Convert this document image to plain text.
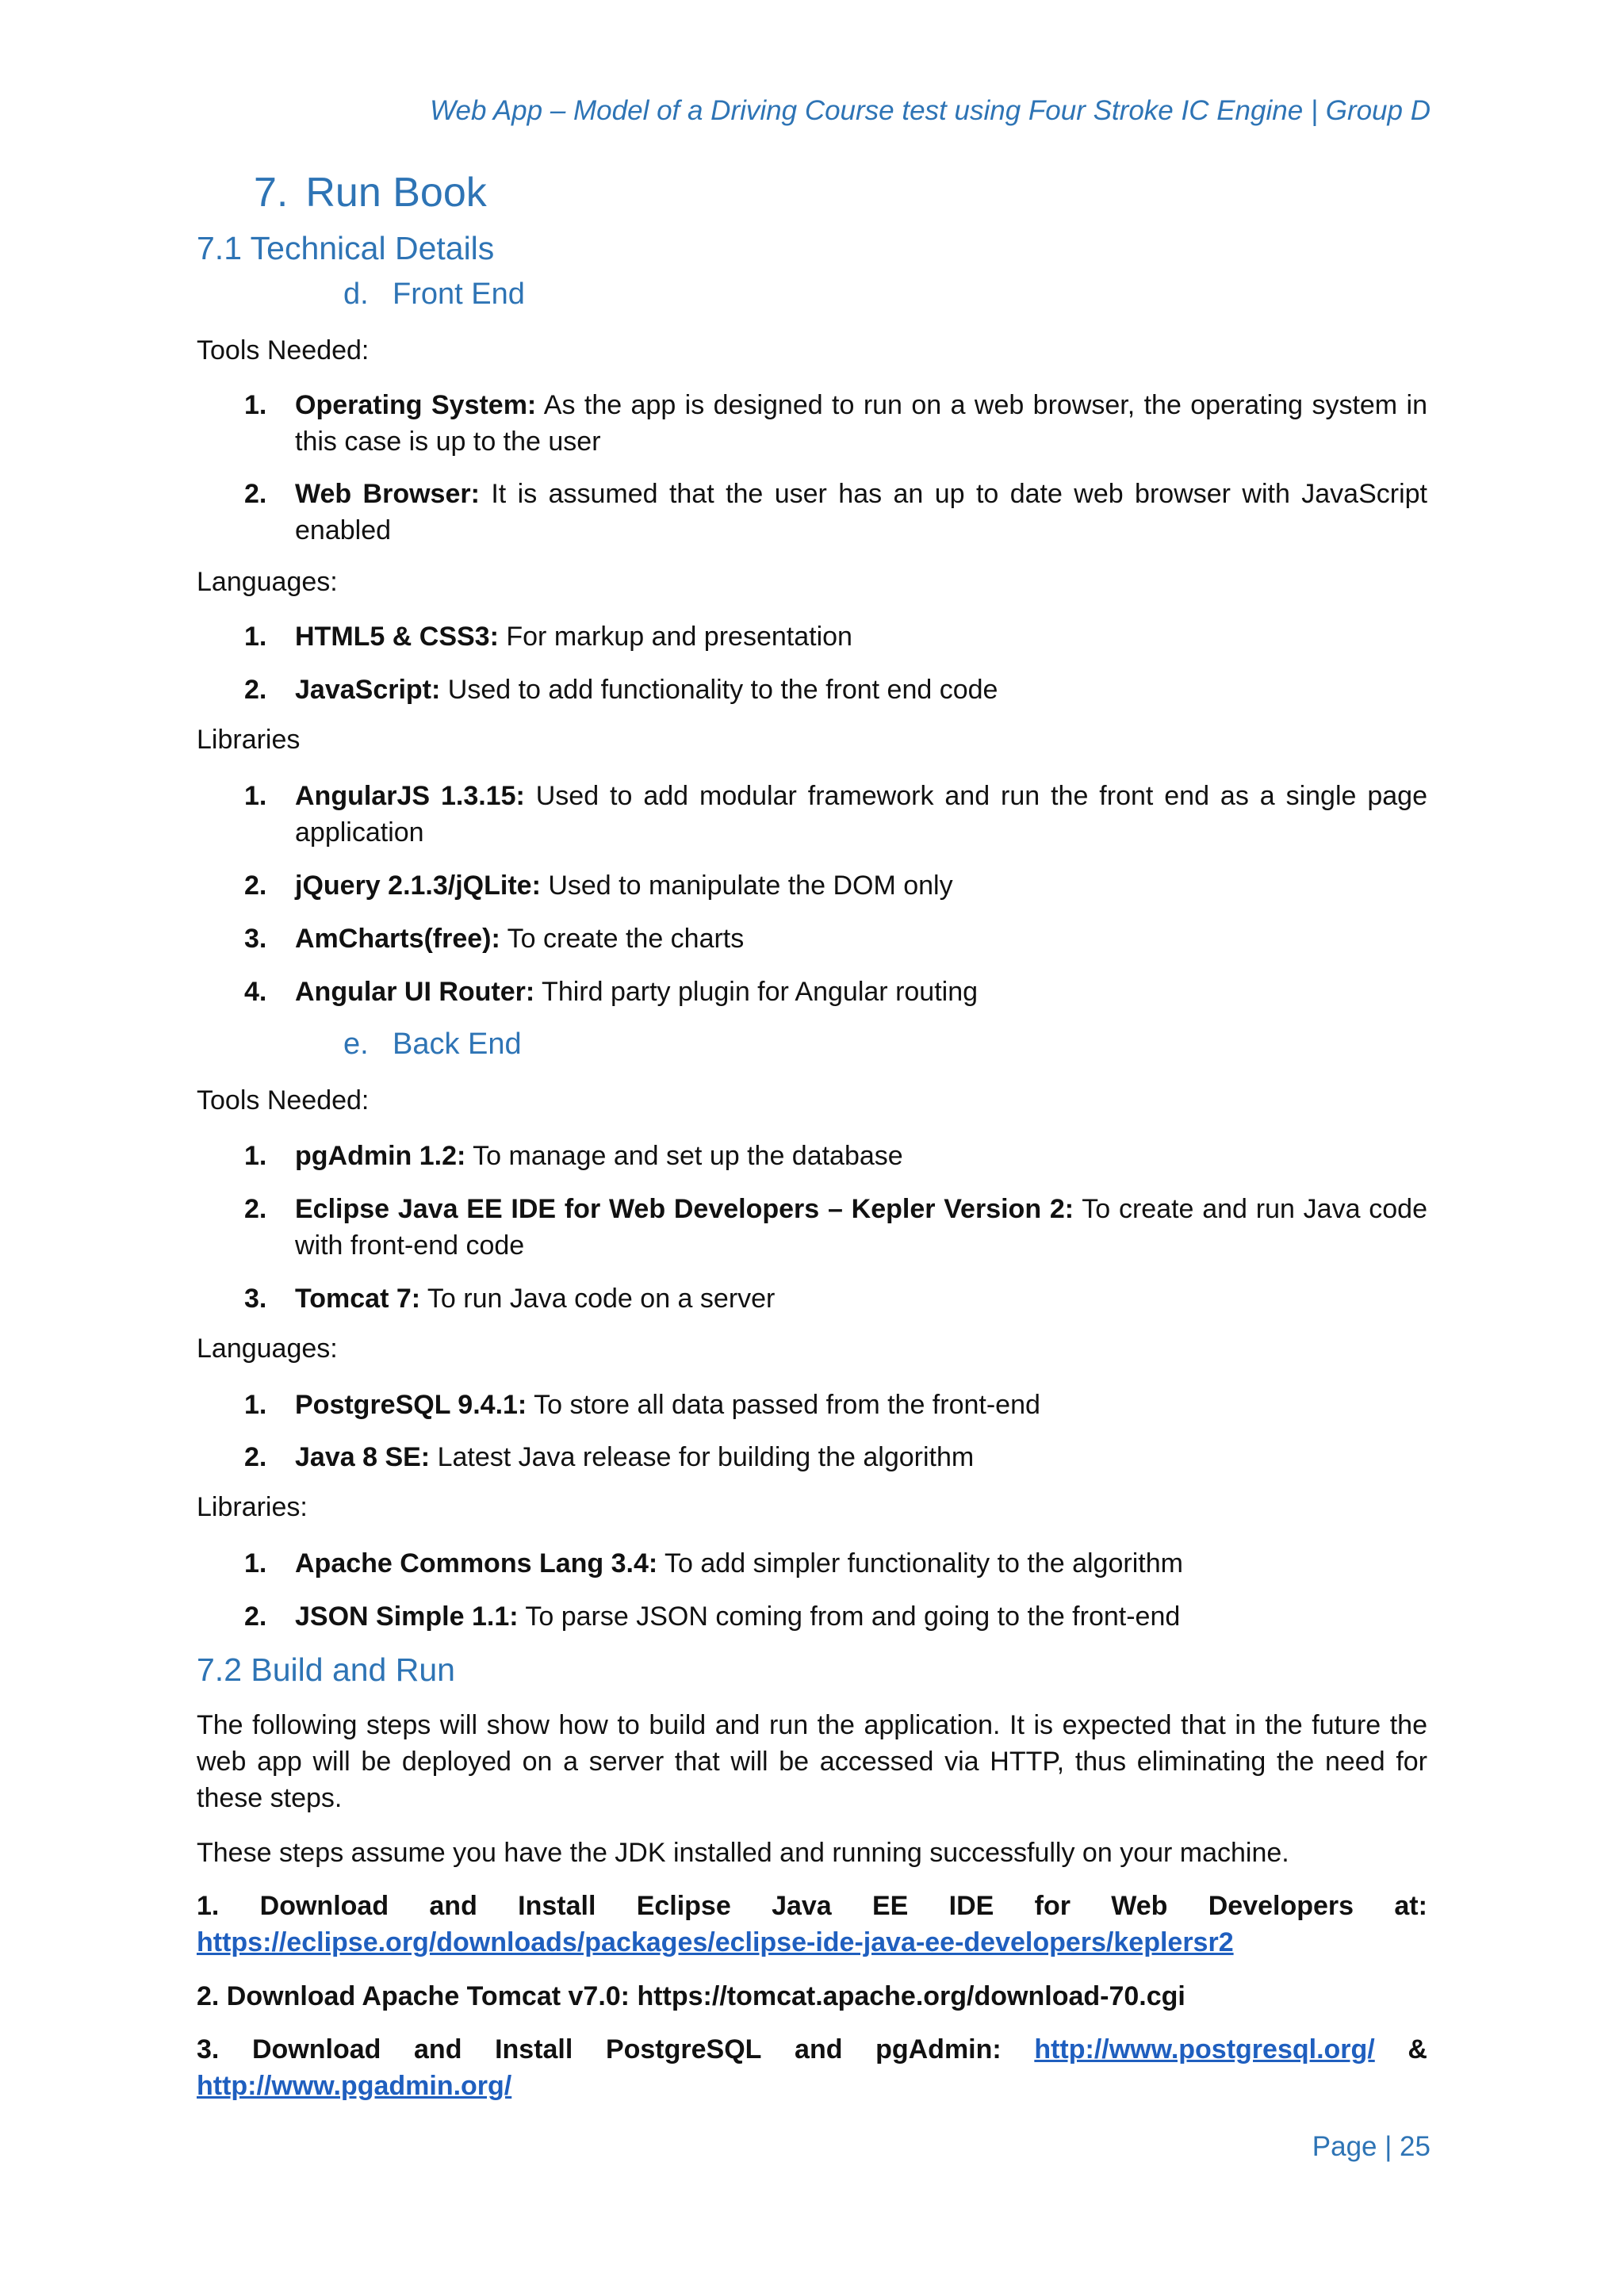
Web App – Model of a Driving Course test using Four Stroke IC Engine | Group D
7. Run Book
7.1 Technical Details
d. Front End
Tools Needed:
1. Operating System: As the app is designed to run on a web browser, the operating system in this case is up to the user
2. Web Browser: It is assumed that the user has an up to date web browser with JavaScript enabled
Languages:
1. HTML5 & CSS3: For markup and presentation
2. JavaScript: Used to add functionality to the front end code
Libraries
1. AngularJS 1.3.15: Used to add modular framework and run the front end as a single page application
2. jQuery 2.1.3/jQLite: Used to manipulate the DOM only
3. AmCharts(free): To create the charts
4. Angular UI Router: Third party plugin for Angular routing
e. Back End
Tools Needed:
1. pgAdmin 1.2: To manage and set up the database
2. Eclipse Java EE IDE for Web Developers – Kepler Version 2: To create and run Java code with front-end code
3. Tomcat 7: To run Java code on a server
Languages:
1. PostgreSQL 9.4.1: To store all data passed from the front-end
2. Java 8 SE: Latest Java release for building the algorithm
Libraries:
1. Apache Commons Lang 3.4: To add simpler functionality to the algorithm
2. JSON Simple 1.1: To parse JSON coming from and going to the front-end
7.2 Build and Run
The following steps will show how to build and run the application. It is expected that in the future the web app will be deployed on a server that will be accessed via HTTP, thus eliminating the need for these steps.
These steps assume you have the JDK installed and running successfully on your machine.
1. Download and Install Eclipse Java EE IDE for Web Developers at:
https://eclipse.org/downloads/packages/eclipse-ide-java-ee-developers/keplersr2
2. Download Apache Tomcat v7.0: https://tomcat.apache.org/download-70.cgi
3. Download and Install PostgreSQL and pgAdmin: http://www.postgresql.org/ &
http://www.pgadmin.org/
Page | 25
